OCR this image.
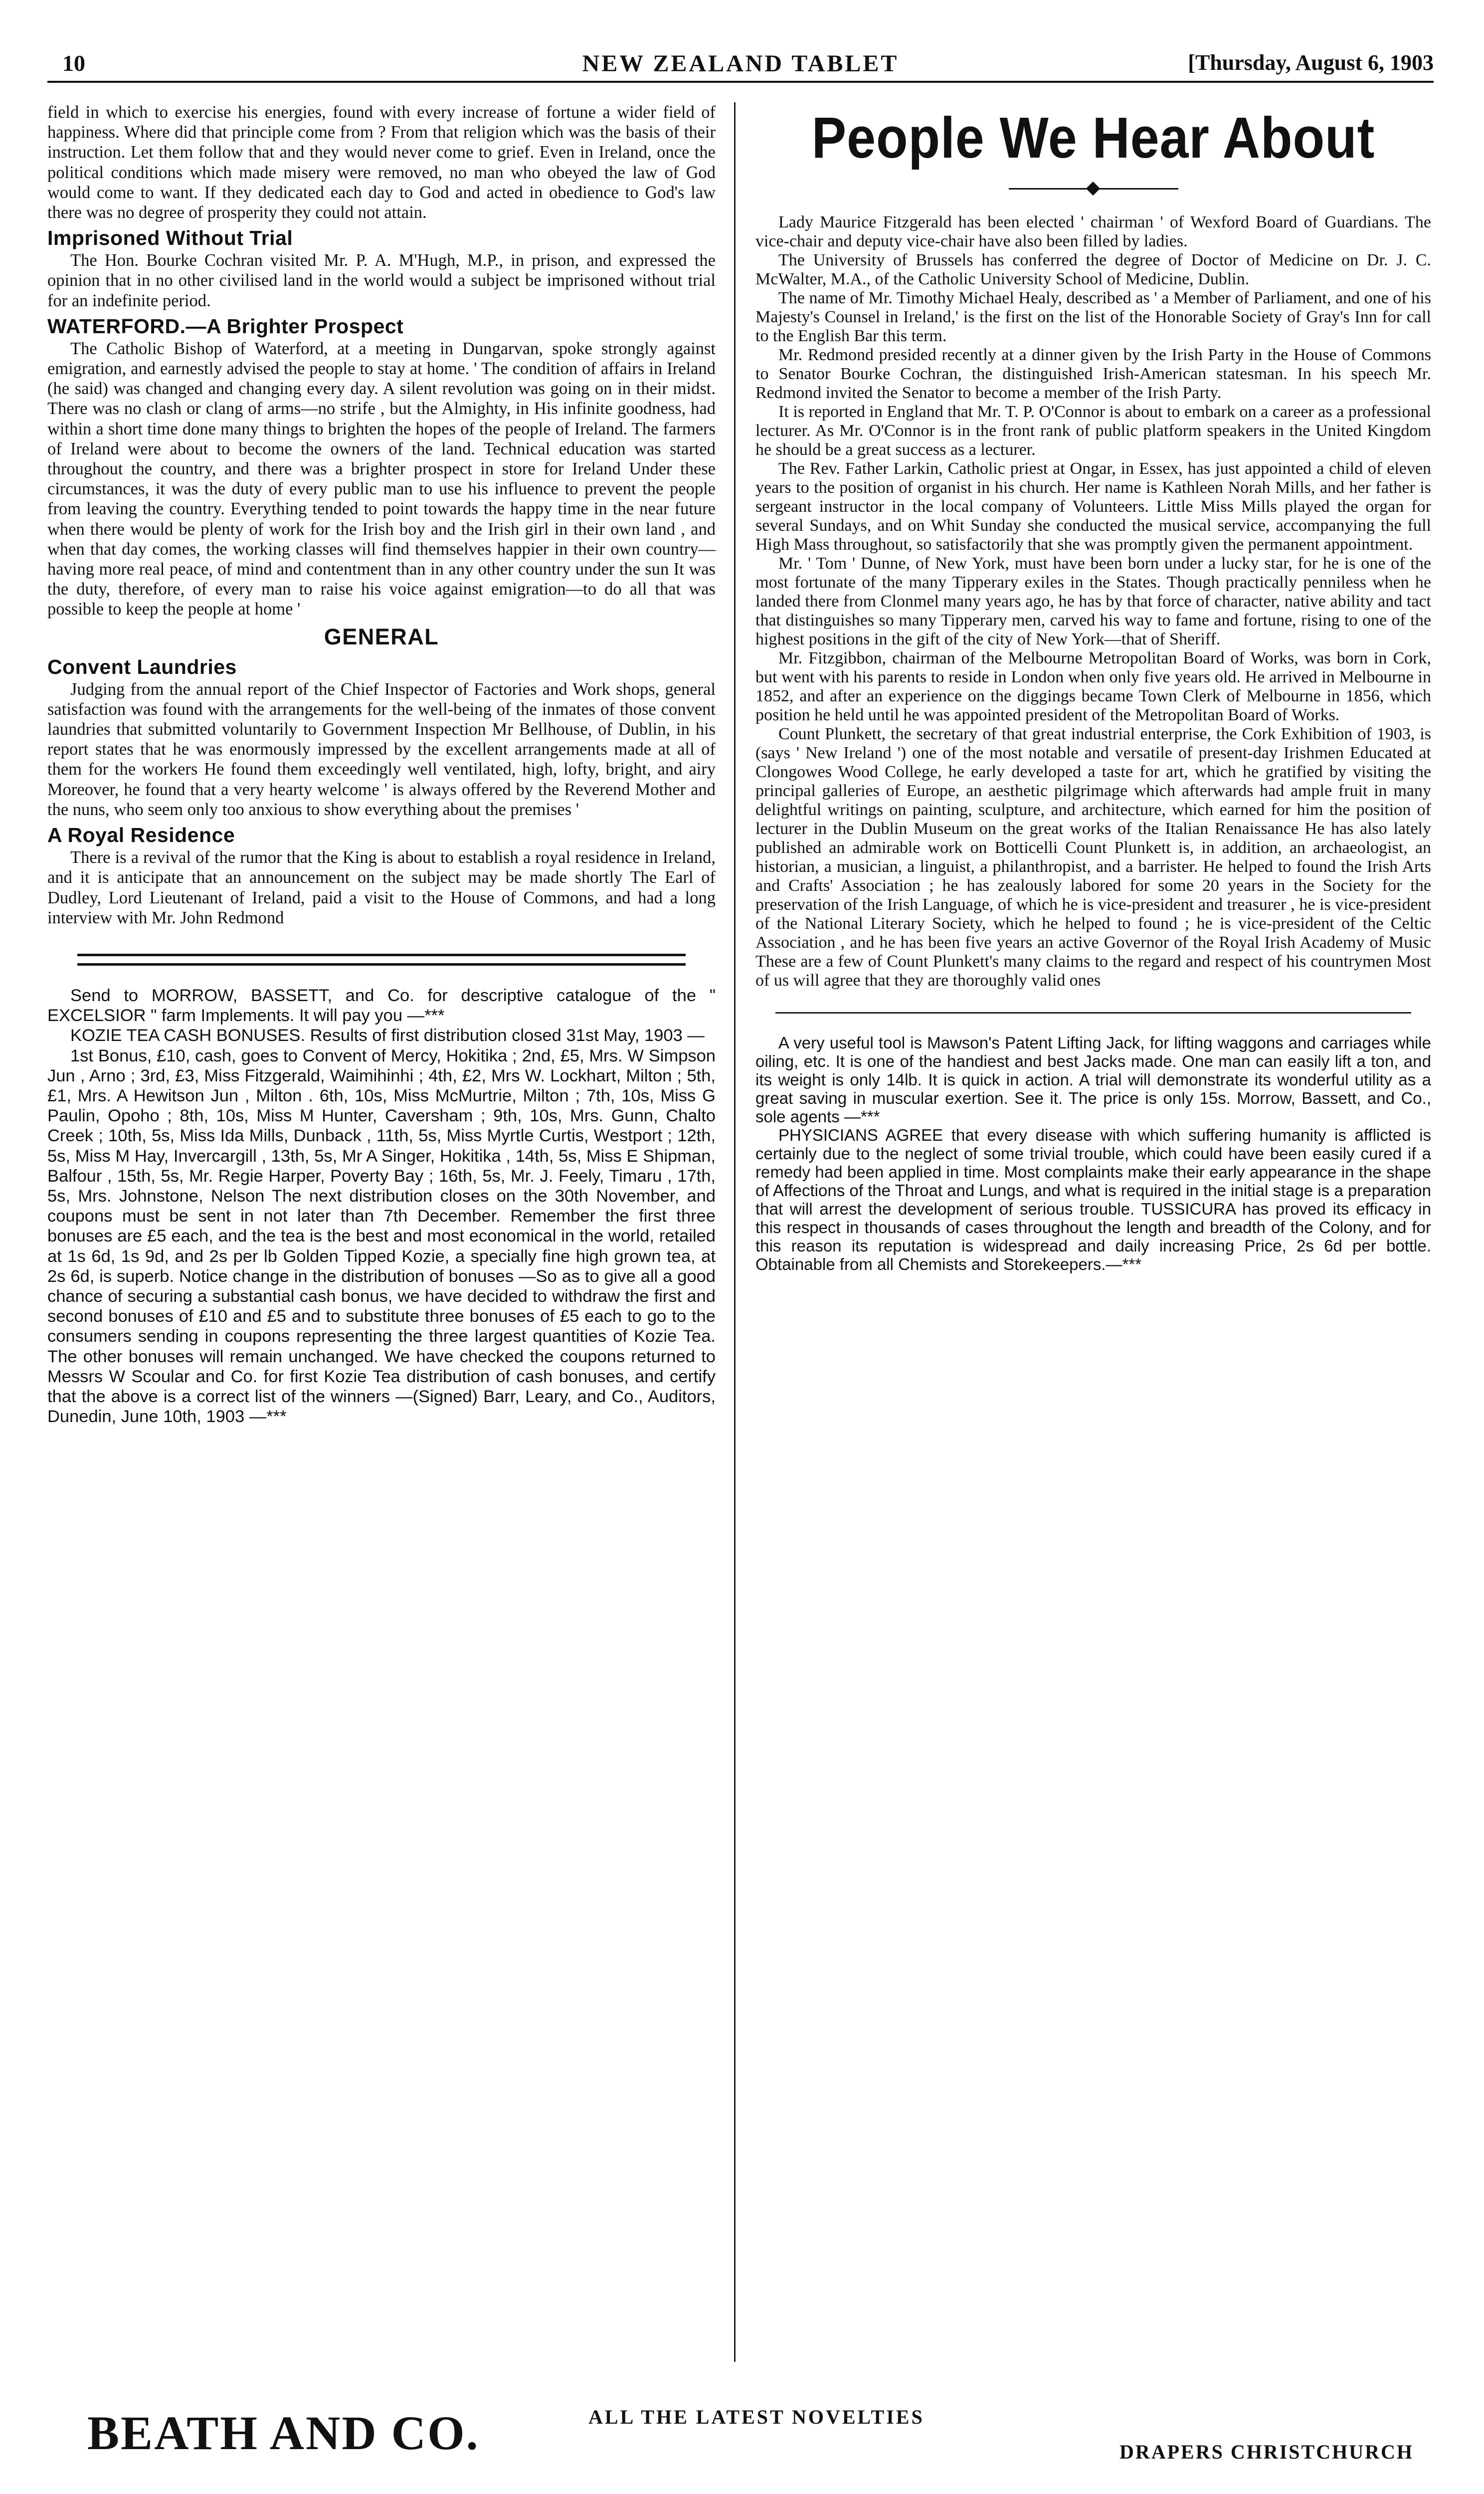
10	NEW ZEALAND TABLET	[Thursday, August 6, 1903

field in which to exercise his energies, found with every increase of fortune a wider field of happiness. Where did that principle come from ? From that religion which was the basis of their instruction. Let them follow that and they would never come to grief. Even in Ireland, once the political conditions which made misery were removed, no man who obeyed the law of God would come to want. If they dedicated each day to God and acted in obedience to God's law there was no degree of prosperity they could not attain.

Imprisoned Without Trial

The Hon. Bourke Cochran visited Mr. P. A. M'Hugh, M.P., in prison, and expressed the opinion that in no other civilised land in the world would a subject be imprisoned without trial for an indefinite period.

WATERFORD.—A Brighter Prospect

The Catholic Bishop of Waterford, at a meeting in Dungarvan, spoke strongly against emigration, and earnestly advised the people to stay at home. ' The condition of affairs in Ireland (he said) was changed and changing every day. A silent revolution was going on in their midst. There was no clash or clang of arms—no strife , but the Almighty, in His infinite goodness, had within a short time done many things to brighten the hopes of the people of Ireland. The farmers of Ireland were about to become the owners of the land. Technical education was started throughout the country, and there was a brighter prospect in store for Ireland Under these circumstances, it was the duty of every public man to use his influence to prevent the people from leaving the country. Everything tended to point towards the happy time in the near future when there would be plenty of work for the Irish boy and the Irish girl in their own land , and when that day comes, the working classes will find themselves happier in their own country—having more real peace, of mind and contentment than in any other country under the sun It was the duty, therefore, of every man to raise his voice against emigration—to do all that was possible to keep the people at home '

GENERAL
Convent Laundries

Judging from the annual report of the Chief Inspector of Factories and Work shops, general satisfaction was found with the arrangements for the well-being of the inmates of those convent laundries that submitted voluntarily to Government Inspection Mr Bellhouse, of Dublin, in his report states that he was enormously impressed by the excellent arrangements made at all of them for the workers He found them exceedingly well ventilated, high, lofty, bright, and airy Moreover, he found that a very hearty welcome ' is always offered by the Reverend Mother and the nuns, who seem only too anxious to show everything about the premises '

A Royal Residence

There is a revival of the rumor that the King is about to establish a royal residence in Ireland, and it is anticipate that an announcement on the subject may be made shortly The Earl of Dudley, Lord Lieutenant of Ireland, paid a visit to the House of Commons, and had a long interview with Mr. John Redmond

Send to MORROW, BASSETT, and Co. for descriptive catalogue of the " EXCELSIOR " farm Implements. It will pay you —***

KOZIE TEA CASH BONUSES. Results of first distribution closed 31st May, 1903 —

1st Bonus, £10, cash, goes to Convent of Mercy, Hokitika ; 2nd, £5, Mrs. W Simpson Jun , Arno ; 3rd, £3, Miss Fitzgerald, Waimihinhi ; 4th, £2, Mrs W. Lockhart, Milton ; 5th, £1, Mrs. A Hewitson Jun , Milton . 6th, 10s, Miss McMurtrie, Milton ; 7th, 10s, Miss G Paulin, Opoho ; 8th, 10s, Miss M Hunter, Caversham ; 9th, 10s, Mrs. Gunn, Chalto Creek ; 10th, 5s, Miss Ida Mills, Dunback , 11th, 5s, Miss Myrtle Curtis, Westport ; 12th, 5s, Miss M Hay, Invercargill , 13th, 5s, Mr A Singer, Hokitika , 14th, 5s, Miss E Shipman, Balfour , 15th, 5s, Mr. Regie Harper, Poverty Bay ; 16th, 5s, Mr. J. Feely, Timaru , 17th, 5s, Mrs. Johnstone, Nelson The next distribution closes on the 30th November, and coupons must be sent in not later than 7th December. Remember the first three bonuses are £5 each, and the tea is the best and most economical in the world, retailed at 1s 6d, 1s 9d, and 2s per lb Golden Tipped Kozie, a specially fine high grown tea, at 2s 6d, is superb. Notice change in the distribution of bonuses —So as to give all a good chance of securing a substantial cash bonus, we have decided to withdraw the first and second bonuses of £10 and £5 and to substitute three bonuses of £5 each to go to the consumers sending in coupons representing the three largest quantities of Kozie Tea. The other bonuses will remain unchanged. We have checked the coupons returned to Messrs W Scoular and Co. for first Kozie Tea distribution of cash bonuses, and certify that the above is a correct list of the winners —(Signed) Barr, Leary, and Co., Auditors, Dunedin, June 10th, 1903 —***

People We Hear About

Lady Maurice Fitzgerald has been elected ' chairman ' of Wexford Board of Guardians. The vice-chair and deputy vice-chair have also been filled by ladies.

The University of Brussels has conferred the degree of Doctor of Medicine on Dr. J. C. McWalter, M.A., of the Catholic University School of Medicine, Dublin.

The name of Mr. Timothy Michael Healy, described as ' a Member of Parliament, and one of his Majesty's Counsel in Ireland,' is the first on the list of the Honorable Society of Gray's Inn for call to the English Bar this term.

Mr. Redmond presided recently at a dinner given by the Irish Party in the House of Commons to Senator Bourke Cochran, the distinguished Irish-American statesman. In his speech Mr. Redmond invited the Senator to become a member of the Irish Party.

It is reported in England that Mr. T. P. O'Connor is about to embark on a career as a professional lecturer. As Mr. O'Connor is in the front rank of public platform speakers in the United Kingdom he should be a great success as a lecturer.

The Rev. Father Larkin, Catholic priest at Ongar, in Essex, has just appointed a child of eleven years to the position of organist in his church. Her name is Kathleen Norah Mills, and her father is sergeant instructor in the local company of Volunteers. Little Miss Mills played the organ for several Sundays, and on Whit Sunday she conducted the musical service, accompanying the full High Mass throughout, so satisfactorily that she was promptly given the permanent appointment.

Mr. ' Tom ' Dunne, of New York, must have been born under a lucky star, for he is one of the most fortunate of the many Tipperary exiles in the States. Though practically penniless when he landed there from Clonmel many years ago, he has by that force of character, native ability and tact that distinguishes so many Tipperary men, carved his way to fame and fortune, rising to one of the highest positions in the gift of the city of New York—that of Sheriff.

Mr. Fitzgibbon, chairman of the Melbourne Metropolitan Board of Works, was born in Cork, but went with his parents to reside in London when only five years old. He arrived in Melbourne in 1852, and after an experience on the diggings became Town Clerk of Melbourne in 1856, which position he held until he was appointed president of the Metropolitan Board of Works.

Count Plunkett, the secretary of that great industrial enterprise, the Cork Exhibition of 1903, is (says ' New Ireland ') one of the most notable and versatile of present-day Irishmen Educated at Clongowes Wood College, he early developed a taste for art, which he gratified by visiting the principal galleries of Europe, an aesthetic pilgrimage which afterwards had ample fruit in many delightful writings on painting, sculpture, and architecture, which earned for him the position of lecturer in the Dublin Museum on the great works of the Italian Renaissance He has also lately published an admirable work on Botticelli Count Plunkett is, in addition, an archaeologist, an historian, a musician, a linguist, a philanthropist, and a barrister. He helped to found the Irish Arts and Crafts' Association ; he has zealously labored for some 20 years in the Society for the preservation of the Irish Language, of which he is vice-president and treasurer , he is vice-president of the National Literary Society, which he helped to found ; he is vice-president of the Celtic Association , and he has been five years an active Governor of the Royal Irish Academy of Music These are a few of Count Plunkett's many claims to the regard and respect of his countrymen Most of us will agree that they are thoroughly valid ones

A very useful tool is Mawson's Patent Lifting Jack, for lifting waggons and carriages while oiling, etc. It is one of the handiest and best Jacks made. One man can easily lift a ton, and its weight is only 14lb. It is quick in action. A trial will demonstrate its wonderful utility as a great saving in muscular exertion. See it. The price is only 15s. Morrow, Bassett, and Co., sole agents —***

PHYSICIANS AGREE that every disease with which suffering humanity is afflicted is certainly due to the neglect of some trivial trouble, which could have been easily cured if a remedy had been applied in time. Most complaints make their early appearance in the shape of Affections of the Throat and Lungs, and what is required in the initial stage is a preparation that will arrest the development of serious trouble. TUSSICURA has proved its efficacy in this respect in thousands of cases throughout the length and breadth of the Colony, and for this reason its reputation is widespread and daily increasing Price, 2s 6d per bottle. Obtainable from all Chemists and Storekeepers.—***

BEATH AND CO.	ALL THE LATEST NOVELTIES
DRAPERS CHRISTCHURCH
